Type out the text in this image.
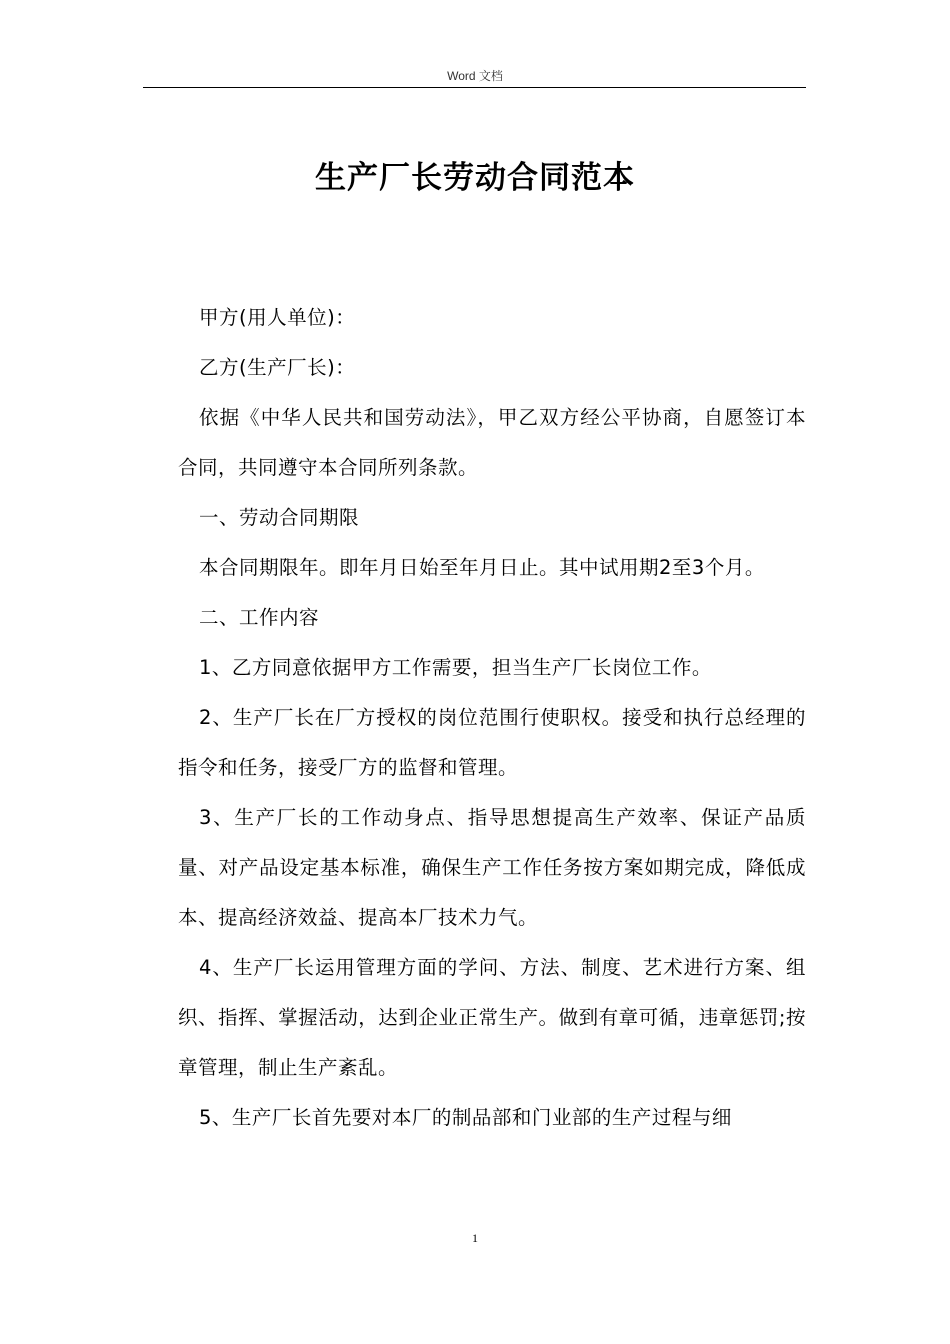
Word 文档
生产厂长劳动合同范本

甲方(用人单位)：

乙方(生产厂长)：

依据《中华人民共和国劳动法》，甲乙双方经公平协商，自愿签订本合同，共同遵守本合同所列条款。

一、劳动合同期限

本合同期限年。即年月日始至年月日止。其中试用期2至3个月。

二、工作内容

1、乙方同意依据甲方工作需要，担当生产厂长岗位工作。

2、生产厂长在厂方授权的岗位范围行使职权。接受和执行总经理的指令和任务，接受厂方的监督和管理。

3、生产厂长的工作动身点、指导思想提高生产效率、保证产品质量、对产品设定基本标准，确保生产工作任务按方案如期完成，降低成本、提高经济效益、提高本厂技术力气。

4、生产厂长运用管理方面的学问、方法、制度、艺术进行方案、组织、指挥、掌握活动，达到企业正常生产。做到有章可循，违章惩罚;按章管理，制止生产紊乱。

5、生产厂长首先要对本厂的制品部和门业部的生产过程与细

1
